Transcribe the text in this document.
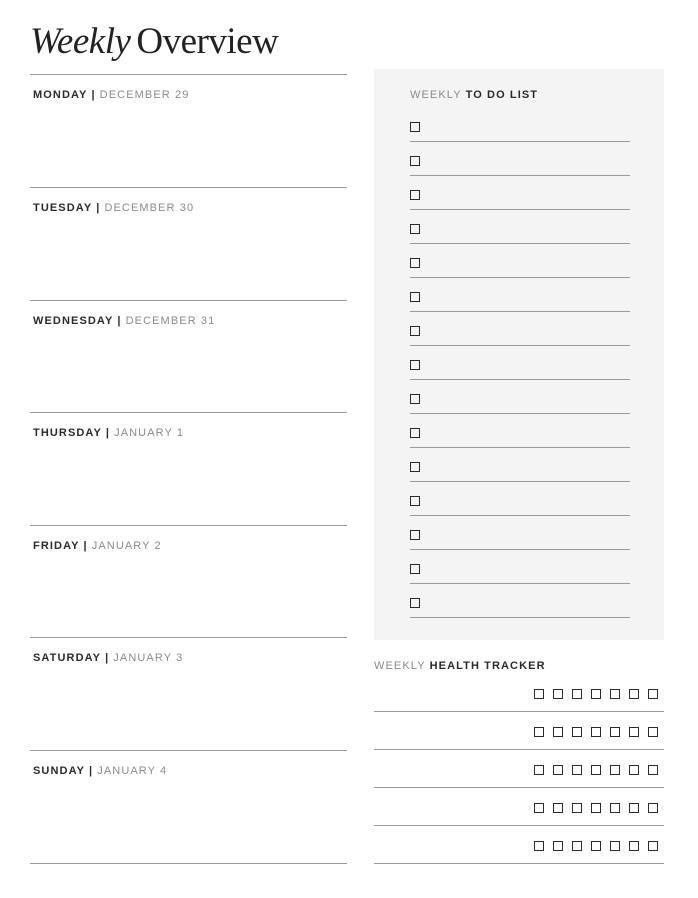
Weekly Overview
MONDAY | DECEMBER 29
TUESDAY | DECEMBER 30
WEDNESDAY | DECEMBER 31
THURSDAY | JANUARY 1
FRIDAY | JANUARY 2
SATURDAY | JANUARY 3
SUNDAY | JANUARY 4
WEEKLY TO DO LIST
WEEKLY HEALTH TRACKER
